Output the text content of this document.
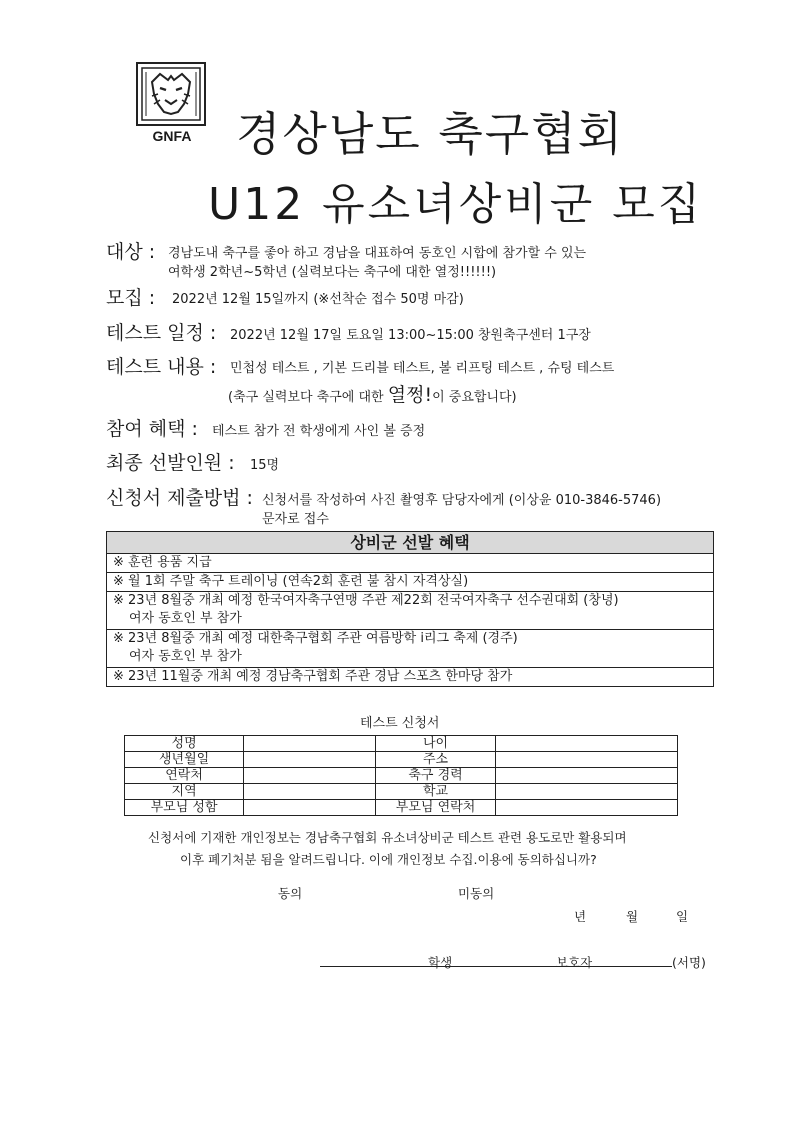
GNFA 경상남도 축구협회
U12 유소녀상비군 모집
대상 : 경남도내 축구를 좋아 하고 경남을 대표하여 동호인 시합에 참가할 수 있는
여학생 2학년~5학년 (실력보다는 축구에 대한 열정!!!!!!)
모집 : 2022년 12월 15일까지 (※선착순 접수 50명 마감)
테스트 일정 : 2022년 12월 17일 토요일 13:00~15:00 창원축구센터 1구장
테스트 내용 : 민첩성 테스트 , 기본 드리블 테스트, 볼 리프팅 테스트 , 슈팅 테스트
(축구 실력보다 축구에 대한 열쩡!이 중요합니다)
참여 혜택 : 테스트 참가 전 학생에게 사인 볼 증정
최종 선발인원 : 15명
신청서 제출방법 : 신청서를 작성하여 사진 촬영후 담당자에게 (이상윤 010-3846-5746)
문자로 접수
상비군 선발 혜택
※ 훈련 용품 지급
※ 월 1회 주말 축구 트레이닝 (연속2회 훈련 불 참시 자격상실)
※ 23년 8월중 개최 예정 한국여자축구연맹 주관 제22회 전국여자축구 선수권대회 (창녕)
여자 동호인 부 참가
※ 23년 8월중 개최 예정 대한축구협회 주관 여름방학 i리그 축제 (경주)
여자 동호인 부 참가
※ 23년 11월중 개최 예정 경남축구협회 주관 경남 스포츠 한마당 참가
테스트 신청서
성명		나이	
생년월일		주소	
연락처		축구 경력	
지역		학교	
부모님 성함		부모님 연락처	
신청서에 기재한 개인정보는 경남축구협회 유소녀상비군 테스트 관련 용도로만 활용되며
이후 폐기처분 됨을 알려드립니다. 이에 개인정보 수집.이용에 동의하십니까?
동의	미동의
년	월	일
학생	보호자	(서명)
